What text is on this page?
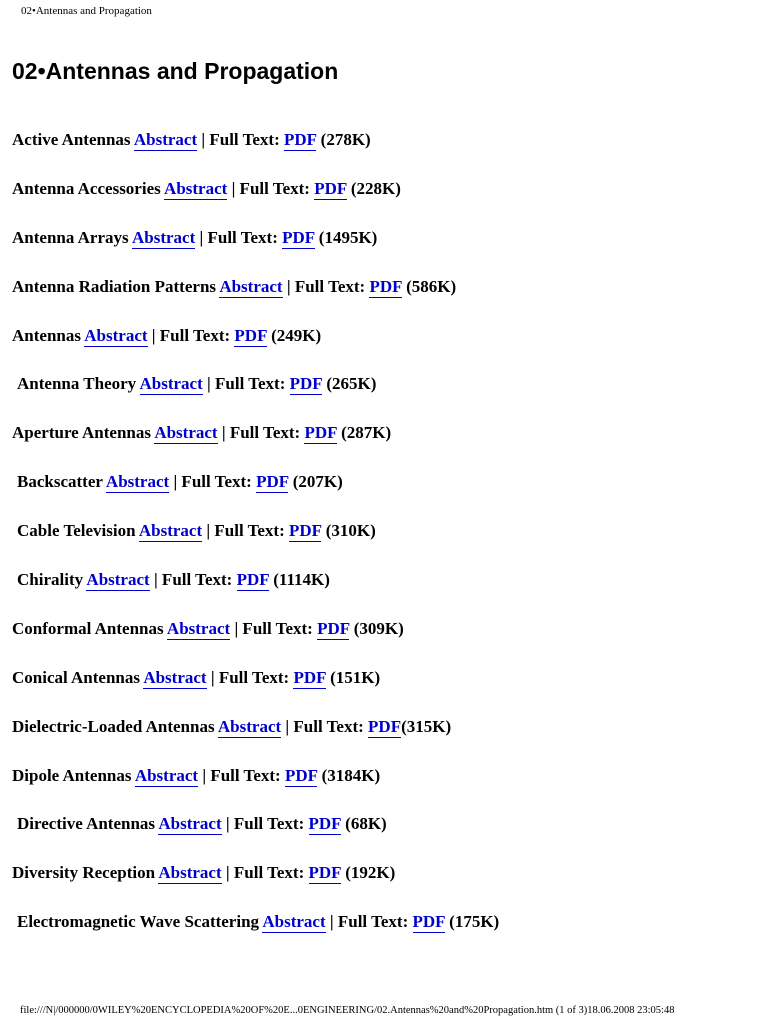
02•Antennas and Propagation
02•Antennas and Propagation
Active Antennas Abstract | Full Text: PDF (278K)
Antenna Accessories Abstract | Full Text: PDF (228K)
Antenna Arrays Abstract | Full Text: PDF (1495K)
Antenna Radiation Patterns Abstract | Full Text: PDF (586K)
Antennas Abstract | Full Text: PDF (249K)
Antenna Theory Abstract | Full Text: PDF (265K)
Aperture Antennas Abstract | Full Text: PDF (287K)
Backscatter Abstract | Full Text: PDF (207K)
Cable Television Abstract | Full Text: PDF (310K)
Chirality Abstract | Full Text: PDF (1114K)
Conformal Antennas Abstract | Full Text: PDF (309K)
Conical Antennas Abstract | Full Text: PDF (151K)
Dielectric-Loaded Antennas Abstract | Full Text: PDF(315K)
Dipole Antennas Abstract | Full Text: PDF (3184K)
Directive Antennas Abstract | Full Text: PDF (68K)
Diversity Reception Abstract | Full Text: PDF (192K)
Electromagnetic Wave Scattering Abstract | Full Text: PDF (175K)
file:///N|/000000/0WILEY%20ENCYCLOPEDIA%20OF%20E...0ENGINEERING/02.Antennas%20and%20Propagation.htm (1 of 3)18.06.2008 23:05:48
